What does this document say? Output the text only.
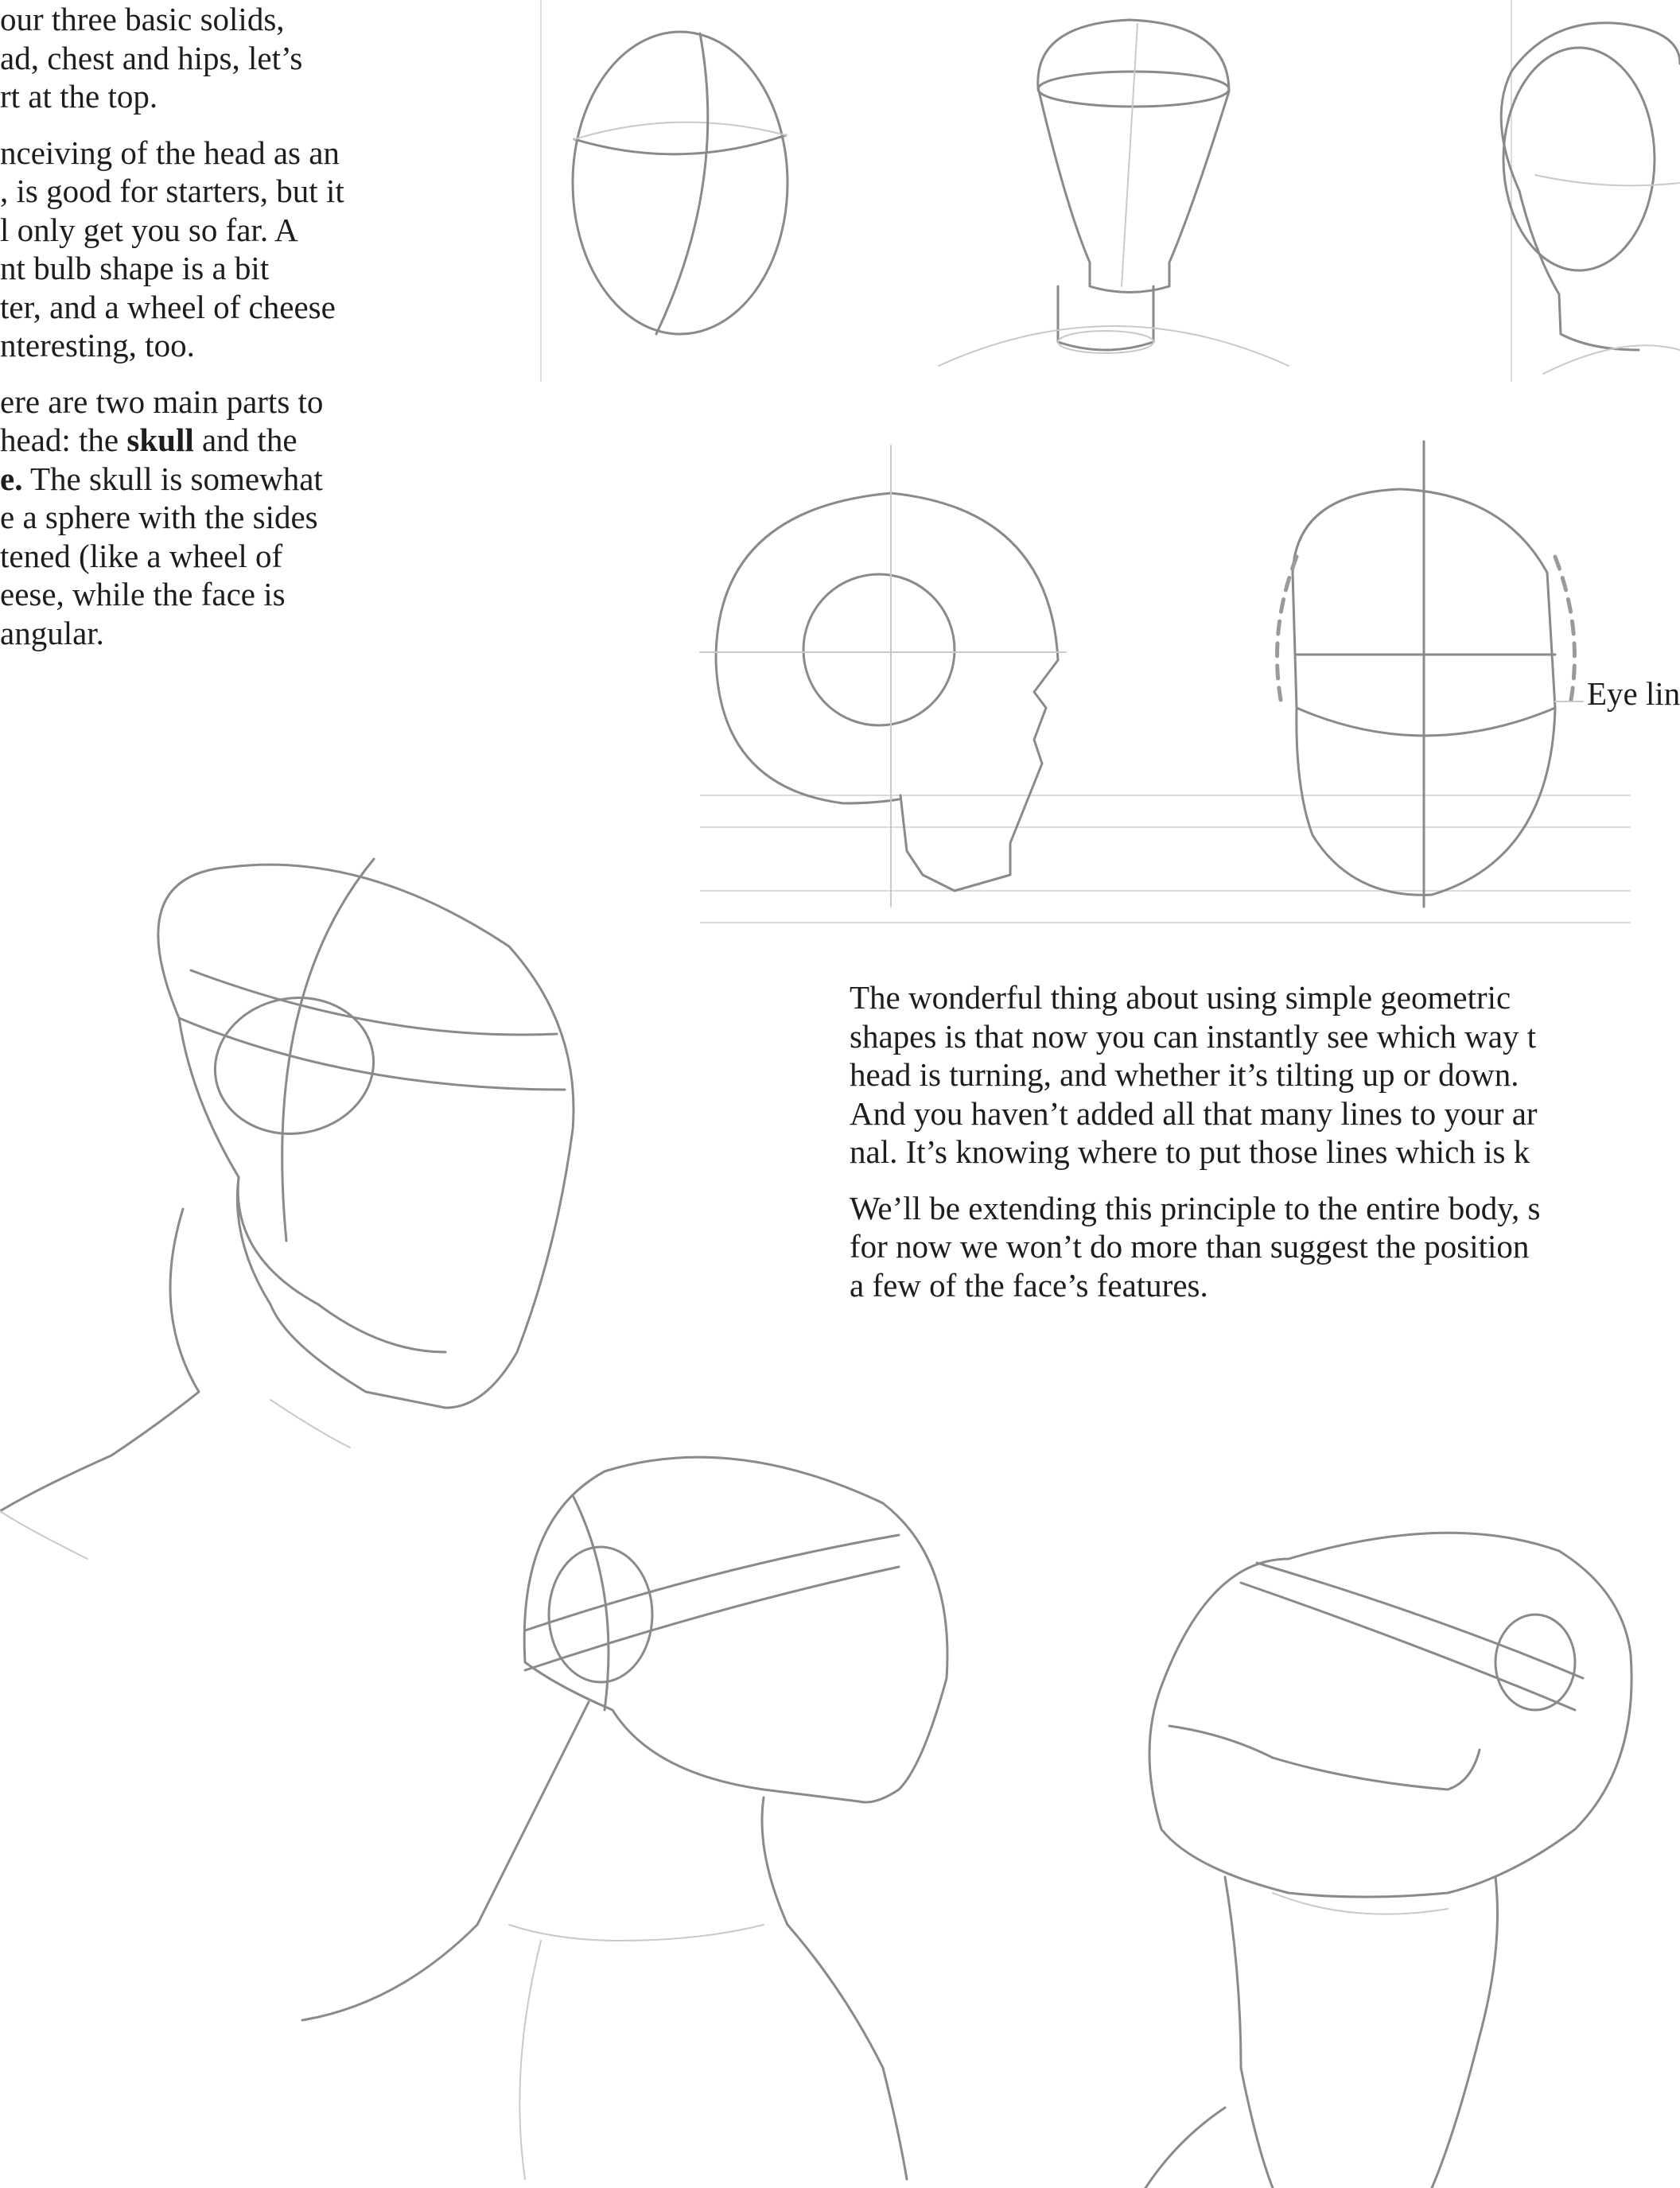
our three basic solids,
ad, chest and hips, let’s
rt at the top.

nceiving of the head as an
, is good for starters, but it
l only get you so far. A
nt bulb shape is a bit
ter, and a wheel of cheese
nteresting, too.

ere are two main parts to
head: the skull and the
e. The skull is somewhat
e a sphere with the sides
tened (like a wheel of
eese, while the face is
angular.

Eye lin

The wonderful thing about using simple geometric
shapes is that now you can instantly see which way t
head is turning, and whether it’s tilting up or down.
And you haven’t added all that many lines to your ar
nal. It’s knowing where to put those lines which is k

We’ll be extending this principle to the entire body, s
for now we won’t do more than suggest the position
a few of the face’s features.
